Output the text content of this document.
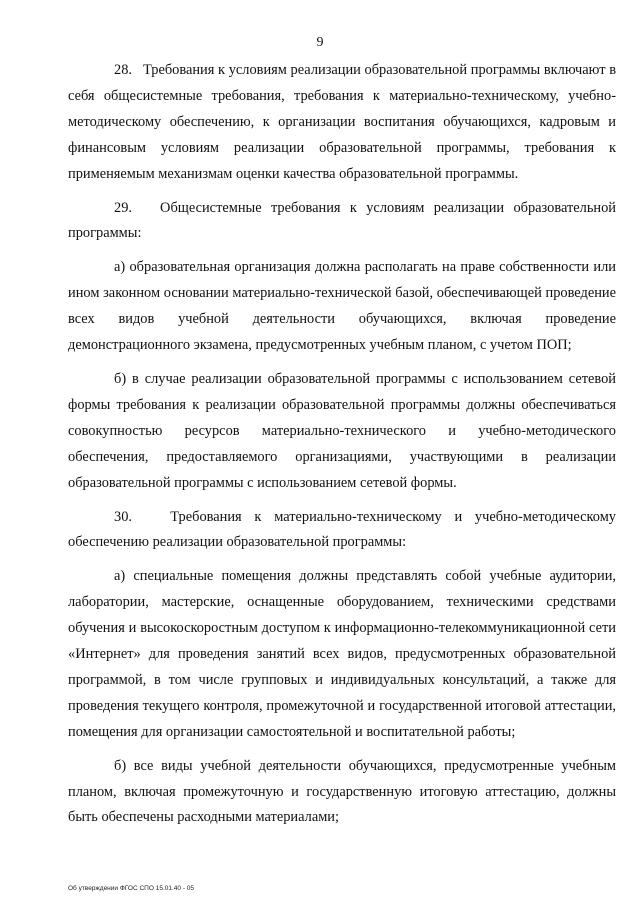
9

28.   Требования к условиям реализации образовательной программы включают в себя общесистемные требования, требования к материально-техническому, учебно-методическому обеспечению, к организации воспитания обучающихся, кадровым и финансовым условиям реализации образовательной программы, требования к применяемым механизмам оценки качества образовательной программы.

29.   Общесистемные требования к условиям реализации образовательной программы:

а) образовательная организация должна располагать на праве собственности или ином законном основании материально-технической базой, обеспечивающей проведение всех видов учебной деятельности обучающихся, включая проведение демонстрационного экзамена, предусмотренных учебным планом, с учетом ПОП;

б) в случае реализации образовательной программы с использованием сетевой формы требования к реализации образовательной программы должны обеспечиваться совокупностью ресурсов материально-технического и учебно-методического обеспечения, предоставляемого организациями, участвующими в реализации образовательной программы с использованием сетевой формы.

30.   Требования к материально-техническому и учебно-методическому обеспечению реализации образовательной программы:

а) специальные помещения должны представлять собой учебные аудитории, лаборатории, мастерские, оснащенные оборудованием, техническими средствами обучения и высокоскоростным доступом к информационно-телекоммуникационной сети «Интернет» для проведения занятий всех видов, предусмотренных образовательной программой, в том числе групповых и индивидуальных консультаций, а также для проведения текущего контроля, промежуточной и государственной итоговой аттестации, помещения для организации самостоятельной и воспитательной работы;

б) все виды учебной деятельности обучающихся, предусмотренные учебным планом, включая промежуточную и государственную итоговую аттестацию, должны быть обеспечены расходными материалами;

Об утверждении ФГОС СПО 15.01.40 - 05
